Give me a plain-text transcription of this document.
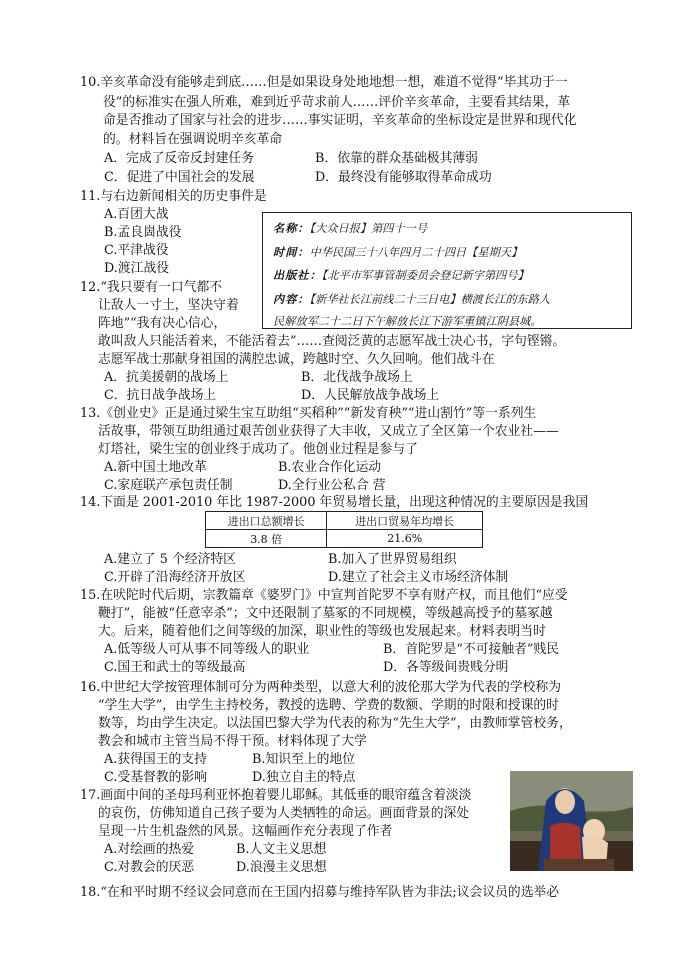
10.辛亥革命没有能够走到底……但是如果设身处地地想一想，难道不觉得“毕其功于一
役”的标准实在强人所难，难到近乎苛求前人……评价辛亥革命，主要看其结果，革
命是否推动了国家与社会的进步……事实证明，辛亥革命的坐标设定是世界和现代化
的。材料旨在强调说明辛亥革命
A．完成了反帝反封建任务	B．依靠的群众基础极其薄弱
C．促进了中国社会的发展	D．最终没有能够取得革命成功
11.与右边新闻相关的历史事件是
A.百团大战
B.孟良崮战役
C.平津战役
D.渡江战役
名称：【大众日报】第四十一号
时间：中华民国三十八年四月二十四日【星期天】
出版社：【北平市军事管制委员会登记新字第四号】
内容：【新华社长江前线二十三日电】横渡长江的东路人
民解放军二十二日下午解放长江下游军重镇江阴县城。
12.“我只要有一口气都不
让敌人一寸土，坚决守着
阵地”“我有决心信心，
敢叫敌人只能活着来，不能活着去”……查阅泛黄的志愿军战士决心书，字句铿锵。
志愿军战士那献身祖国的满腔忠诚，跨越时空、久久回响。他们战斗在
A．抗美援朝的战场上	B．北伐战争战场上
C．抗日战争战场上	D．人民解放战争战场上
13.《创业史》正是通过梁生宝互助组“买稻种”“新发育秧”“进山割竹”等一系列生
活故事，带领互助组通过艰苦创业获得了大丰收，又成立了全区第一个农业社——
灯塔社，梁生宝的创业终于成功了。他创业过程是参与了
A.新中国土地改革	B.农业合作化运动
C.家庭联产承包责任制	D.全行业公私合 营
14.下面是 2001-2010 年比 1987-2000 年贸易增长量，出现这种情况的主要原因是我国
进出口总额增长	进出口贸易年均增长
3.8 倍	21.6%
A.建立了 5 个经济特区	B.加入了世界贸易组织
C.开辟了沿海经济开放区	D.建立了社会主义市场经济体制
15.在吠陀时代后期，宗教篇章《婆罗门》中宣判首陀罗不享有财产权，而且他们“应受
鞭打”，能被“任意宰杀”；文中还限制了墓冢的不同规模，等级越高授予的墓冢越
大。后来，随着他们之间等级的加深，职业性的等级也发展起来。材料表明当时
A.低等级人可从事不同等级人的职业	B．首陀罗是“不可接触者”贱民
C.国王和武士的等级最高	D．各等级间贵贱分明
16.中世纪大学按管理体制可分为两种类型，以意大利的波伦那大学为代表的学校称为
“学生大学”，由学生主持校务，教授的选聘、学费的数额、学期的时限和授课的时
数等，均由学生决定。以法国巴黎大学为代表的称为“先生大学”，由教师掌管校务，
教会和城市主管当局不得干预。材料体现了大学
A.获得国王的支持	B.知识至上的地位
C.受基督教的影响	D.独立自主的特点
17.画面中间的圣母玛利亚怀抱着婴儿耶稣。其低垂的眼帘蕴含着淡淡
的哀伤，仿佛知道自己孩子要为人类牺牲的命运。画面背景的深处
呈现一片生机盎然的风景。这幅画作充分表现了作者
A.对绘画的热爱	B.人文主义思想
C.对教会的厌恶	D.浪漫主义思想
18.“在和平时期不经议会同意而在王国内招募与维持军队皆为非法;议会议员的选举必
